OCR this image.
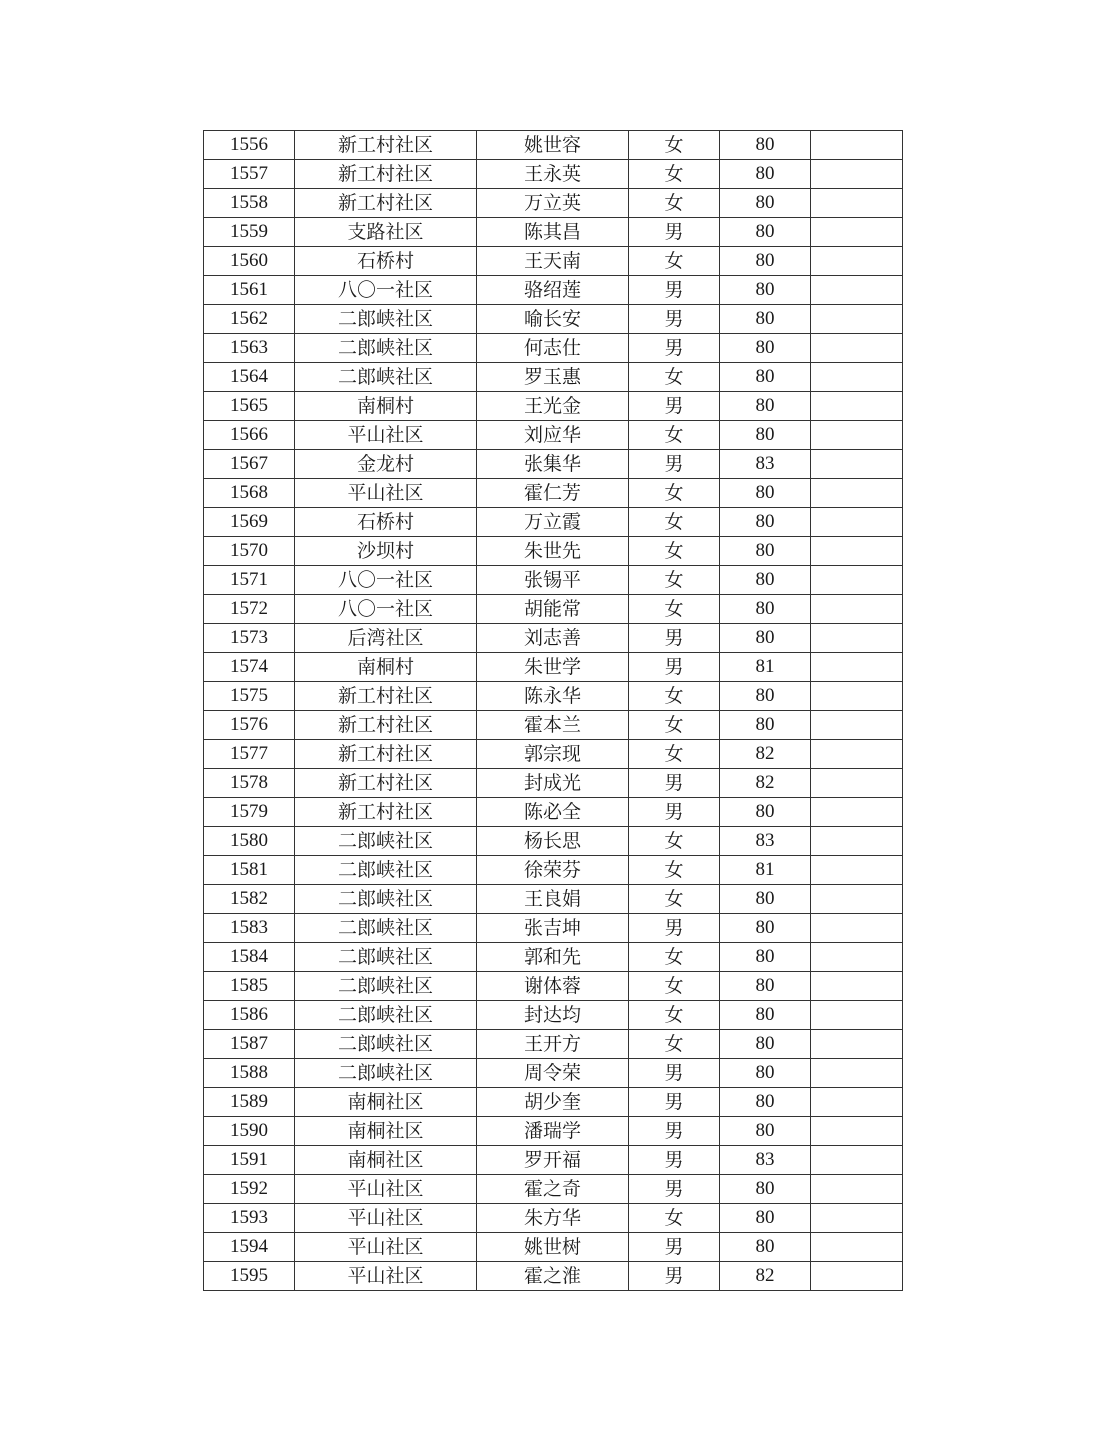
1556	新工村社区	姚世容	女	80	
1557	新工村社区	王永英	女	80	
1558	新工村社区	万立英	女	80	
1559	支路社区	陈其昌	男	80	
1560	石桥村	王天南	女	80	
1561	八〇一社区	骆绍莲	男	80	
1562	二郎峡社区	喻长安	男	80	
1563	二郎峡社区	何志仕	男	80	
1564	二郎峡社区	罗玉惠	女	80	
1565	南桐村	王光金	男	80	
1566	平山社区	刘应华	女	80	
1567	金龙村	张集华	男	83	
1568	平山社区	霍仁芳	女	80	
1569	石桥村	万立霞	女	80	
1570	沙坝村	朱世先	女	80	
1571	八〇一社区	张锡平	女	80	
1572	八〇一社区	胡能常	女	80	
1573	后湾社区	刘志善	男	80	
1574	南桐村	朱世学	男	81	
1575	新工村社区	陈永华	女	80	
1576	新工村社区	霍本兰	女	80	
1577	新工村社区	郭宗现	女	82	
1578	新工村社区	封成光	男	82	
1579	新工村社区	陈必全	男	80	
1580	二郎峡社区	杨长思	女	83	
1581	二郎峡社区	徐荣芬	女	81	
1582	二郎峡社区	王良娟	女	80	
1583	二郎峡社区	张吉坤	男	80	
1584	二郎峡社区	郭和先	女	80	
1585	二郎峡社区	谢体蓉	女	80	
1586	二郎峡社区	封达均	女	80	
1587	二郎峡社区	王开方	女	80	
1588	二郎峡社区	周令荣	男	80	
1589	南桐社区	胡少奎	男	80	
1590	南桐社区	潘瑞学	男	80	
1591	南桐社区	罗开福	男	83	
1592	平山社区	霍之奇	男	80	
1593	平山社区	朱方华	女	80	
1594	平山社区	姚世树	男	80	
1595	平山社区	霍之淮	男	82	
